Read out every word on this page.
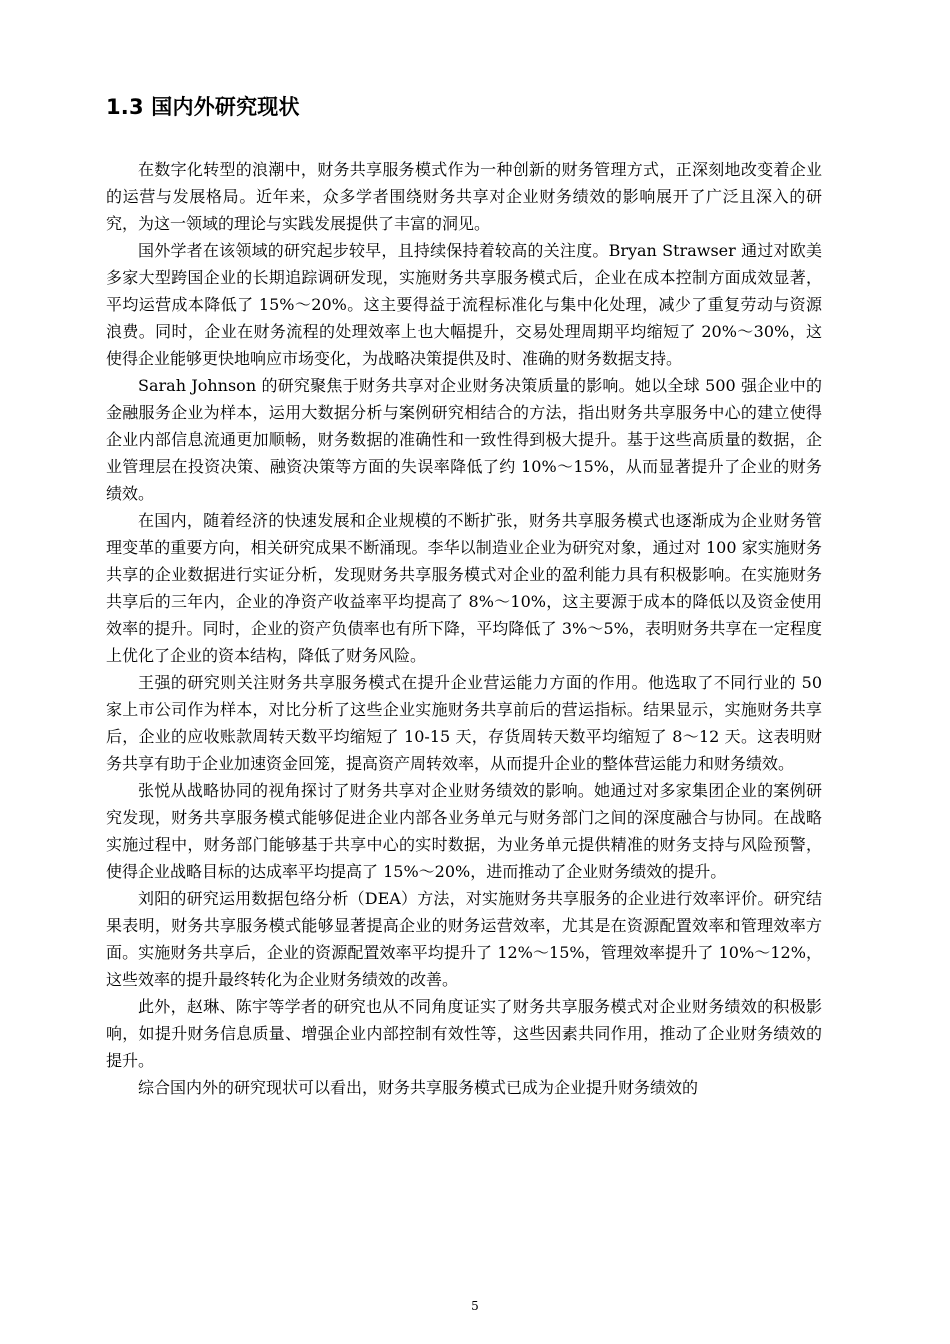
1.3 国内外研究现状

在数字化转型的浪潮中，财务共享服务模式作为一种创新的财务管理方式，正深刻地改变着企业的运营与发展格局。近年来，众多学者围绕财务共享对企业财务绩效的影响展开了广泛且深入的研究，为这一领域的理论与实践发展提供了丰富的洞见。

国外学者在该领域的研究起步较早，且持续保持着较高的关注度。Bryan Strawser 通过对欧美多家大型跨国企业的长期追踪调研发现，实施财务共享服务模式后，企业在成本控制方面成效显著，平均运营成本降低了 15%～20%。这主要得益于流程标准化与集中化处理，减少了重复劳动与资源浪费。同时，企业在财务流程的处理效率上也大幅提升，交易处理周期平均缩短了 20%～30%，这使得企业能够更快地响应市场变化，为战略决策提供及时、准确的财务数据支持。

Sarah Johnson 的研究聚焦于财务共享对企业财务决策质量的影响。她以全球 500 强企业中的金融服务企业为样本，运用大数据分析与案例研究相结合的方法，指出财务共享服务中心的建立使得企业内部信息流通更加顺畅，财务数据的准确性和一致性得到极大提升。基于这些高质量的数据，企业管理层在投资决策、融资决策等方面的失误率降低了约 10%～15%，从而显著提升了企业的财务绩效。

在国内，随着经济的快速发展和企业规模的不断扩张，财务共享服务模式也逐渐成为企业财务管理变革的重要方向，相关研究成果不断涌现。李华以制造业企业为研究对象，通过对 100 家实施财务共享的企业数据进行实证分析，发现财务共享服务模式对企业的盈利能力具有积极影响。在实施财务共享后的三年内，企业的净资产收益率平均提高了 8%～10%，这主要源于成本的降低以及资金使用效率的提升。同时，企业的资产负债率也有所下降，平均降低了 3%～5%，表明财务共享在一定程度上优化了企业的资本结构，降低了财务风险。

王强的研究则关注财务共享服务模式在提升企业营运能力方面的作用。他选取了不同行业的 50 家上市公司作为样本，对比分析了这些企业实施财务共享前后的营运指标。结果显示，实施财务共享后，企业的应收账款周转天数平均缩短了 10-15 天，存货周转天数平均缩短了 8～12 天。这表明财务共享有助于企业加速资金回笼，提高资产周转效率，从而提升企业的整体营运能力和财务绩效。

张悦从战略协同的视角探讨了财务共享对企业财务绩效的影响。她通过对多家集团企业的案例研究发现，财务共享服务模式能够促进企业内部各业务单元与财务部门之间的深度融合与协同。在战略实施过程中，财务部门能够基于共享中心的实时数据，为业务单元提供精准的财务支持与风险预警，使得企业战略目标的达成率平均提高了 15%～20%，进而推动了企业财务绩效的提升。

刘阳的研究运用数据包络分析（DEA）方法，对实施财务共享服务的企业进行效率评价。研究结果表明，财务共享服务模式能够显著提高企业的财务运营效率，尤其是在资源配置效率和管理效率方面。实施财务共享后，企业的资源配置效率平均提升了 12%～15%，管理效率提升了 10%～12%，这些效率的提升最终转化为企业财务绩效的改善。

此外，赵琳、陈宇等学者的研究也从不同角度证实了财务共享服务模式对企业财务绩效的积极影响，如提升财务信息质量、增强企业内部控制有效性等，这些因素共同作用，推动了企业财务绩效的提升。

综合国内外的研究现状可以看出，财务共享服务模式已成为企业提升财务绩效的

5
